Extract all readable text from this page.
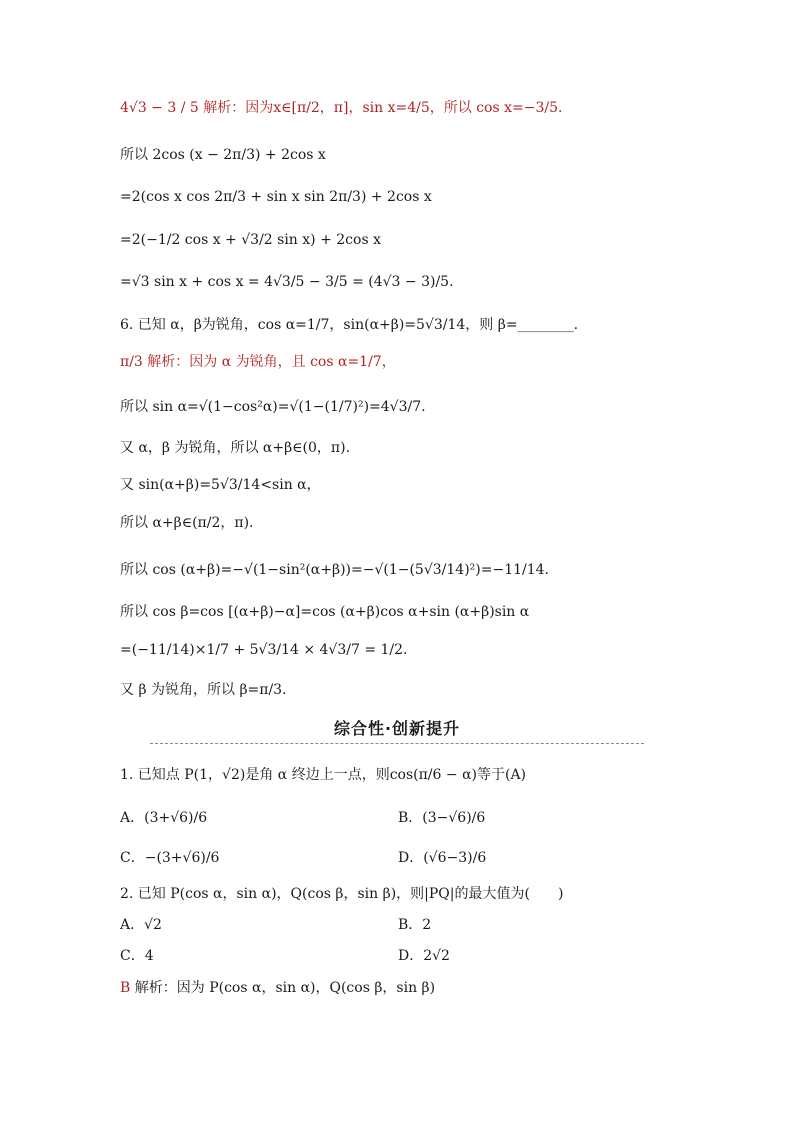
4√3 − 3 / 5 解析：因为x∈[π/2，π]，sin x=4/5，所以 cos x=−3/5.
所以 2cos (x − 2π/3) + 2cos x
=2(cos x cos 2π/3 + sin x sin 2π/3) + 2cos x
=2(−1/2 cos x + √3/2 sin x) + 2cos x
=√3 sin x + cos x = 4√3/5 − 3/5 = (4√3 − 3)/5.
6. 已知 α，β为锐角，cos α=1/7，sin(α+β)=5√3/14，则 β=________.
π/3 解析：因为 α 为锐角，且 cos α=1/7，
所以 sin α=√(1−cos²α)=√(1−(1/7)²)=4√3/7.
又 α，β 为锐角，所以 α+β∈(0，π).
又 sin(α+β)=5√3/14<sin α，
所以 α+β∈(π/2，π).
所以 cos (α+β)=−√(1−sin²(α+β))=−√(1−(5√3/14)²)=−11/14.
所以 cos β=cos [(α+β)−α]=cos (α+β)cos α+sin (α+β)sin α
=(−11/14)×1/7 + 5√3/14 × 4√3/7 = 1/2.
又 β 为锐角，所以 β=π/3.
综合性·创新提升
1. 已知点 P(1，√2)是角 α 终边上一点，则cos(π/6 − α)等于(A)
A．(3+√6)/6	B．(3−√6)/6
C．−(3+√6)/6	D．(√6−3)/6
2. 已知 P(cos α，sin α)，Q(cos β，sin β)，则|PQ|的最大值为(　　)
A．√2	B．2
C．4	D．2√2
B 解析：因为 P(cos α，sin α)，Q(cos β，sin β)
